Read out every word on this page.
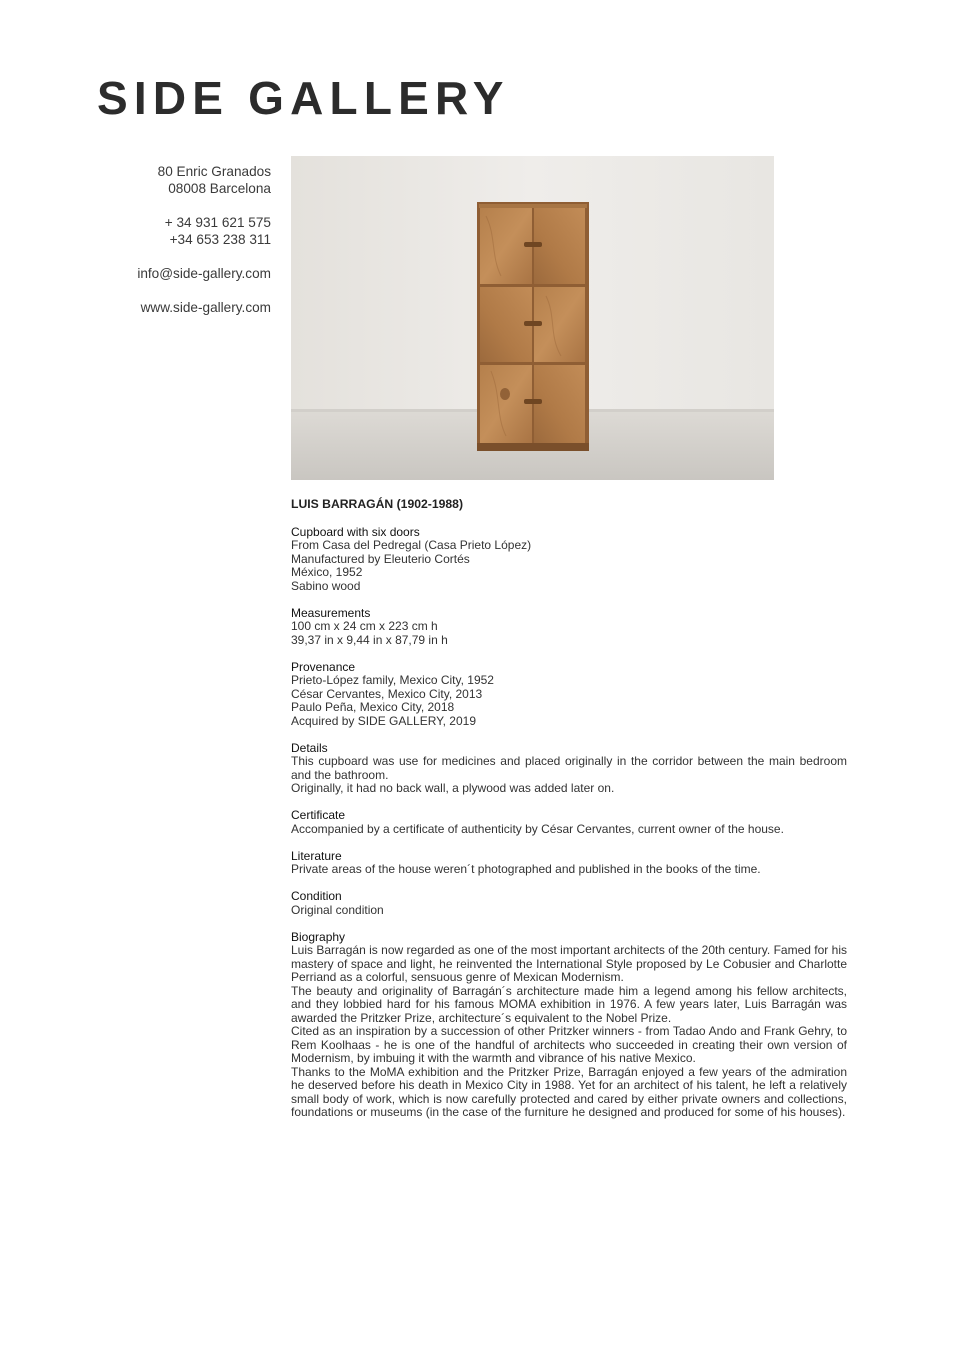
SIDE GALLERY

80 Enric Granados

08008 Barcelona

+ 34 931 621 575

+34 653 238 311

info@side-gallery.com

www.side-gallery.com

LUIS BARRAGÁN (1902-1988)

Cupboard with six doors
From Casa del Pedregal (Casa Prieto López)
Manufactured by Eleuterio Cortés
México, 1952
Sabino wood
Measurements
100 cm x 24 cm x 223 cm h
39,37 in x 9,44 in x 87,79 in h
Provenance
Prieto-López family, Mexico City, 1952
César Cervantes, Mexico City, 2013
Paulo Peña, Mexico City, 2018
Acquired by SIDE GALLERY, 2019
Details
This cupboard was use for medicines and placed originally in the corridor between the main bedroom and the bathroom.
Originally, it had no back wall, a plywood was added later on.
Certificate
Accompanied by a certificate of authenticity by César Cervantes, current owner of the house.
Literature
Private areas of the house weren´t photographed and published in the books of the time.
Condition
Original condition
Biography
Luis Barragán is now regarded as one of the most important architects of the 20th century. Famed for his mastery of space and light, he reinvented the International Style proposed by Le Cobusier and Charlotte Perriand as a colorful, sensuous genre of Mexican Modernism.
The beauty and originality of Barragán´s architecture made him a legend among his fellow architects, and they lobbied hard for his famous MOMA exhibition in 1976. A few years later, Luis Barragán was awarded the Pritzker Prize, architecture´s equivalent to the Nobel Prize.
Cited as an inspiration by a succession of other Pritzker winners - from Tadao Ando and Frank Gehry, to Rem Koolhaas - he is one of the handful of architects who succeeded in creating their own version of Modernism, by imbuing it with the warmth and vibrance of his native Mexico.
Thanks to the MoMA exhibition and the Pritzker Prize, Barragán enjoyed a few years of the admiration he deserved before his death in Mexico City in 1988. Yet for an architect of his talent, he left a relatively small body of work, which is now carefully protected and cared by either private owners and collections, foundations or museums (in the case of the furniture he designed and produced for some of his houses).
